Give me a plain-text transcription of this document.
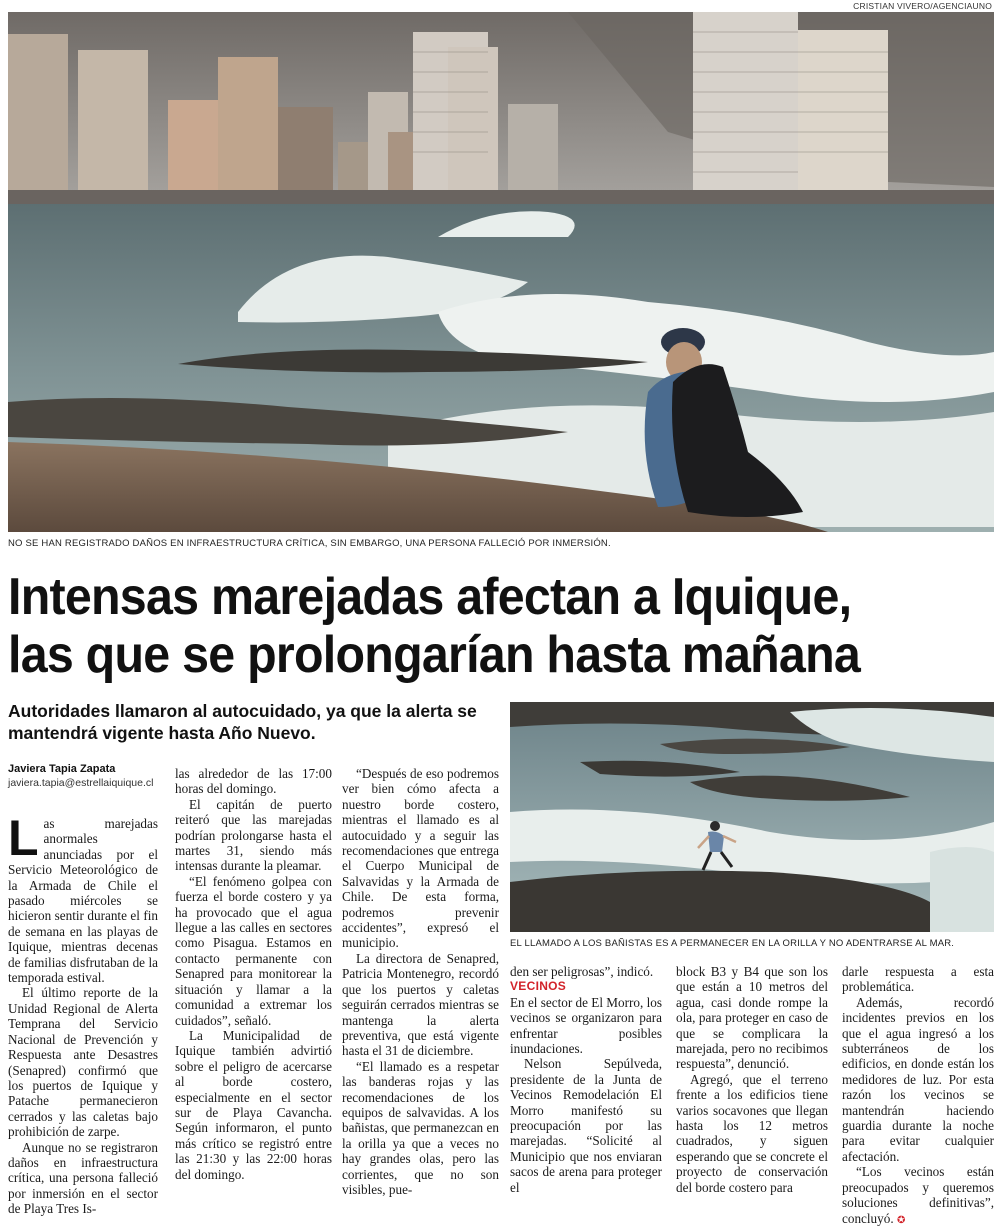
CRISTIAN VIVERO/AGENCIAUNO
NO SE HAN REGISTRADO DAÑOS EN INFRAESTRUCTURA CRÍTICA, SIN EMBARGO, UNA PERSONA FALLECIÓ POR INMERSIÓN.
Intensas marejadas afectan a Iquique,
las que se prolongarían hasta mañana

Autoridades llamaron al autocuidado, ya que la alerta se mantendrá vigente hasta Año Nuevo.

Javiera Tapia Zapata
javiera.tapia@estrellaiquique.cl
EL LLAMADO A LOS BAÑISTAS ES A PERMANECER EN LA ORILLA Y NO ADENTRARSE AL MAR.

Las marejadas anormales anunciadas por el Servicio Meteorológico de la Armada de Chile el pasado miércoles se hicieron sentir durante el fin de semana en las playas de Iquique, mientras decenas de familias disfrutaban de la temporada estival.

El último reporte de la Unidad Regional de Alerta Temprana del Servicio Nacional de Prevención y Respuesta ante Desastres (Senapred) confirmó que los puertos de Iquique y Patache permanecieron cerrados y las caletas bajo prohibición de zarpe.

Aunque no se registraron daños en infraestructura crítica, una persona falleció por inmersión en el sector de Playa Tres Is-

las alrededor de las 17:00 horas del domingo.

El capitán de puerto reiteró que las marejadas podrían prolongarse hasta el martes 31, siendo más intensas durante la pleamar.

“El fenómeno golpea con fuerza el borde costero y ya ha provocado que el agua llegue a las calles en sectores como Pisagua. Estamos en contacto permanente con Senapred para monitorear la situación y llamar a la comunidad a extremar los cuidados”, señaló.

La Municipalidad de Iquique también advirtió sobre el peligro de acercarse al borde costero, especialmente en el sector sur de Playa Cavancha. Según informaron, el punto más crítico se registró entre las 21:30 y las 22:00 horas del domingo.

“Después de eso podremos ver bien cómo afecta a nuestro borde costero, mientras el llamado es al autocuidado y a seguir las recomendaciones que entrega el Cuerpo Municipal de Salvavidas y la Armada de Chile. De esta forma, podremos prevenir accidentes”, expresó el municipio.

La directora de Senapred, Patricia Montenegro, recordó que los puertos y caletas seguirán cerrados mientras se mantenga la alerta preventiva, que está vigente hasta el 31 de diciembre.

“El llamado es a respetar las banderas rojas y las recomendaciones de los equipos de salvavidas. A los bañistas, que permanezcan en la orilla ya que a veces no hay grandes olas, pero las corrientes, que no son visibles, pue-

den ser peligrosas”, indicó.

VECINOS

En el sector de El Morro, los vecinos se organizaron para enfrentar posibles inundaciones.

Nelson Sepúlveda, presidente de la Junta de Vecinos Remodelación El Morro manifestó su preocupación por las marejadas. “Solicité al Municipio que nos enviaran sacos de arena para proteger el

block B3 y B4 que son los que están a 10 metros del agua, casi donde rompe la ola, para proteger en caso de que se complicara la marejada, pero no recibimos respuesta”, denunció.

Agregó, que el terreno frente a los edificios tiene varios socavones que llegan hasta los 12 metros cuadrados, y siguen esperando que se concrete el proyecto de conservación del borde costero para

darle respuesta a esta problemática.

Además, recordó incidentes previos en los que el agua ingresó a los subterráneos de los edificios, en donde están los medidores de luz. Por esta razón los vecinos se mantendrán haciendo guardia durante la noche para evitar cualquier afectación.

“Los vecinos están preocupados y queremos soluciones definitivas”, concluyó. ✪
